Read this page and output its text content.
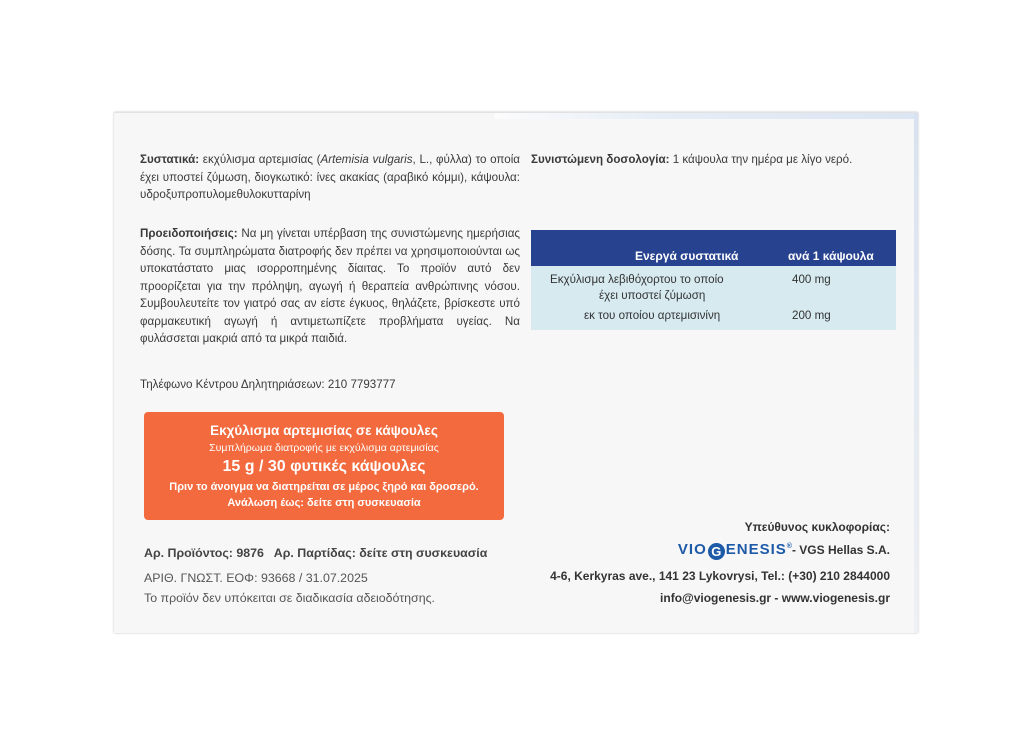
Συστατικά: εκχύλισμα αρτεμισίας (Artemisia vulgaris, L., φύλλα) το οποία έχει υποστεί ζύμωση, διογκωτικό: ίνες ακακίας (αραβικό κόμμι), κάψουλα: υδροξυπροπυλομεθυλοκυτταρίνη
Προειδοποιήσεις: Να μη γίνεται υπέρβαση της συνιστώμενης ημερήσιας δόσης. Τα συμπληρώματα διατροφής δεν πρέπει να χρησιμοποιούνται ως υποκατάστατο μιας ισορροπημένης δίαιτας. Το προϊόν αυτό δεν προορίζεται για την πρόληψη, αγωγή ή θεραπεία ανθρώπινης νόσου. Συμβουλευτείτε τον γιατρό σας αν είστε έγκυος, θηλάζετε, βρίσκεστε υπό φαρμακευτική αγωγή ή αντιμετωπίζετε προβλήματα υγείας. Να φυλάσσεται μακριά από τα μικρά παιδιά.
Τηλέφωνο Κέντρου Δηλητηριάσεων: 210 7793777
Συνιστώμενη δοσολογία: 1 κάψουλα την ημέρα με λίγο νερό.
Ενεργά συστατικά	ανά 1 κάψουλα
Εκχύλισμα λεβιθόχορτου το οποίο
έχει υποστεί ζύμωση
400 mg
εκ του οποίου αρτεμισινίνη	200 mg
Εκχύλισμα αρτεμισίας σε κάψουλες
Συμπλήρωμα διατροφής με εκχύλισμα αρτεμισίας
15 g / 30 φυτικές κάψουλες
Πριν το άνοιγμα να διατηρείται σε μέρος ξηρό και δροσερό.
Ανάλωση έως: δείτε στη συσκευασία
Αρ. Προϊόντος: 9876   Αρ. Παρτίδας: δείτε στη συσκευασία
ΑΡΙΘ. ΓΝΩΣΤ. ΕΟΦ: 93668 / 31.07.2025
Το προϊόν δεν υπόκειται σε διαδικασία αδειοδότησης.
Υπεύθυνος κυκλοφορίας:
VIO G ENESIS®- VGS Hellas S.A.
4-6, Kerkyras ave., 141 23 Lykovrysi, Tel.: (+30) 210 2844000
info@viogenesis.gr - www.viogenesis.gr
